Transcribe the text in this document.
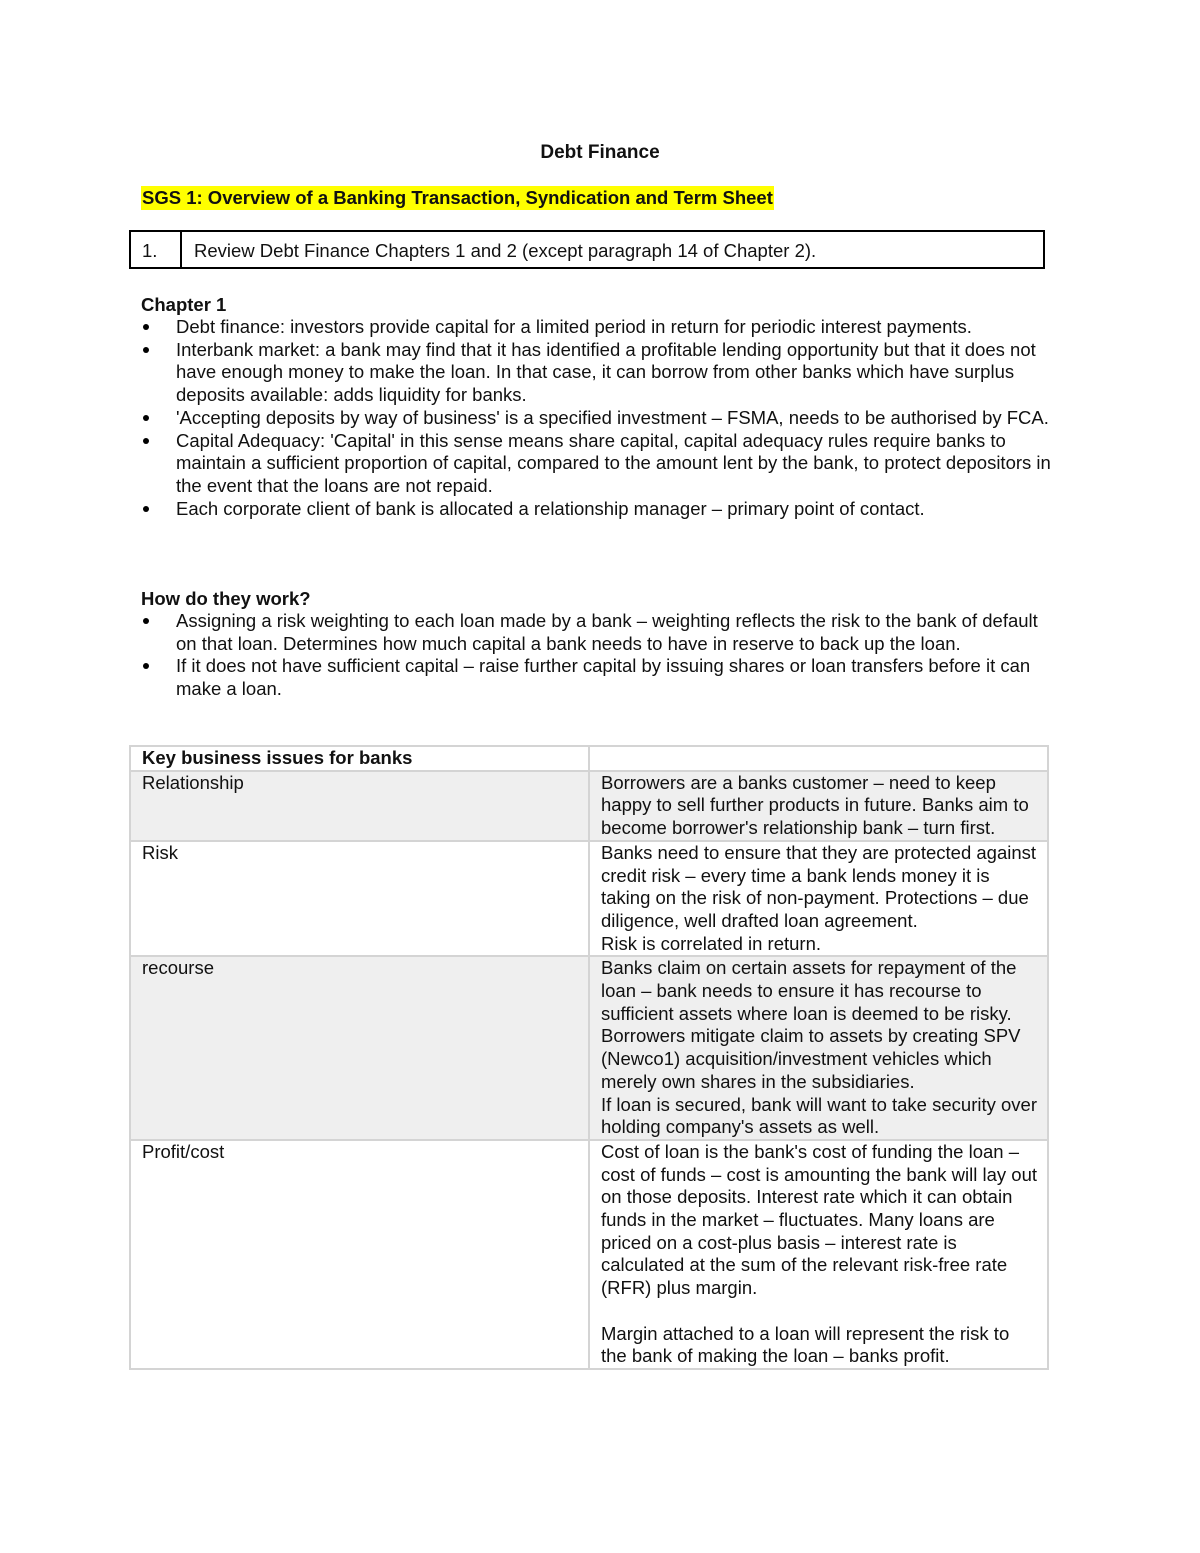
Debt Finance
SGS 1: Overview of a Banking Transaction, Syndication and Term Sheet
1.	Review Debt Finance Chapters 1 and 2 (except paragraph 14 of Chapter 2).
Chapter 1
Debt finance: investors provide capital for a limited period in return for periodic interest payments.
Interbank market: a bank may find that it has identified a profitable lending opportunity but that it does not have enough money to make the loan. In that case, it can borrow from other banks which have surplus deposits available: adds liquidity for banks.
'Accepting deposits by way of business' is a specified investment – FSMA, needs to be authorised by FCA.
Capital Adequacy: 'Capital' in this sense means share capital, capital adequacy rules require banks to maintain a sufficient proportion of capital, compared to the amount lent by the bank, to protect depositors in the event that the loans are not repaid.
Each corporate client of bank is allocated a relationship manager – primary point of contact.
How do they work?
Assigning a risk weighting to each loan made by a bank – weighting reflects the risk to the bank of default on that loan. Determines how much capital a bank needs to have in reserve to back up the loan.
If it does not have sufficient capital – raise further capital by issuing shares or loan transfers before it can make a loan.
Key business issues for banks	
Relationship	Borrowers are a banks customer – need to keep happy to sell further products in future. Banks aim to become borrower's relationship bank – turn first.

Risk	Banks need to ensure that they are protected against credit risk – every time a bank lends money it is taking on the risk of non-payment. Protections – due diligence, well drafted loan agreement.
Risk is correlated in return.

recourse	Banks claim on certain assets for repayment of the loan – bank needs to ensure it has recourse to sufficient assets where loan is deemed to be risky. Borrowers mitigate claim to assets by creating SPV (Newco1) acquisition/investment vehicles which merely own shares in the subsidiaries.
If loan is secured, bank will want to take security over holding company's assets as well.

Profit/cost	Cost of loan is the bank's cost of funding the loan – cost of funds – cost is amounting the bank will lay out on those deposits. Interest rate which it can obtain funds in the market – fluctuates. Many loans are priced on a cost-plus basis – interest rate is calculated at the sum of the relevant risk-free rate (RFR) plus margin.
Margin attached to a loan will represent the risk to the bank of making the loan – banks profit.
